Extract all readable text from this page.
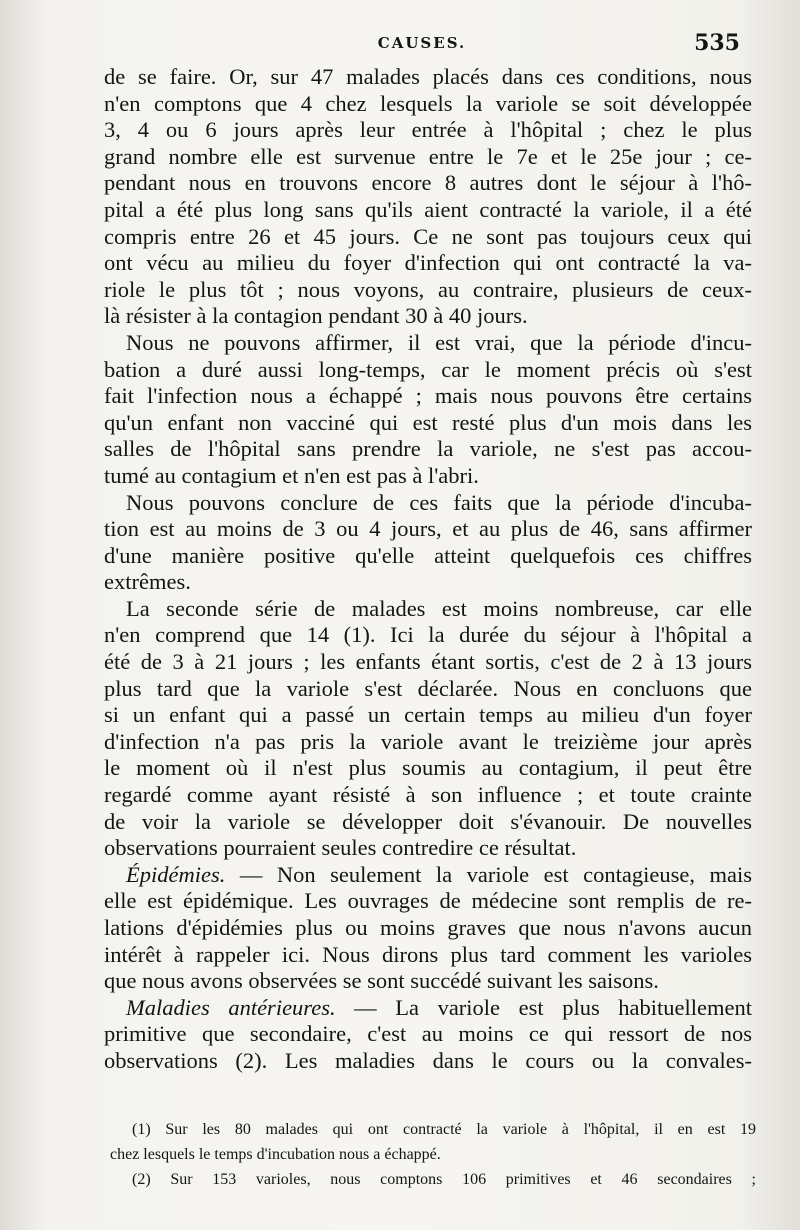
CAUSES.	535
de se faire. Or, sur 47 malades placés dans ces conditions, nous
n'en comptons que 4 chez lesquels la variole se soit développée
3, 4 ou 6 jours après leur entrée à l'hôpital ; chez le plus
grand nombre elle est survenue entre le 7e et le 25e jour ; ce-
pendant nous en trouvons encore 8 autres dont le séjour à l'hô-
pital a été plus long sans qu'ils aient contracté la variole, il a été
compris entre 26 et 45 jours. Ce ne sont pas toujours ceux qui
ont vécu au milieu du foyer d'infection qui ont contracté la va-
riole le plus tôt ; nous voyons, au contraire, plusieurs de ceux-
là résister à la contagion pendant 30 à 40 jours.
Nous ne pouvons affirmer, il est vrai, que la période d'incu-
bation a duré aussi long-temps, car le moment précis où s'est
fait l'infection nous a échappé ; mais nous pouvons être certains
qu'un enfant non vacciné qui est resté plus d'un mois dans les
salles de l'hôpital sans prendre la variole, ne s'est pas accou-
tumé au contagium et n'en est pas à l'abri.
Nous pouvons conclure de ces faits que la période d'incuba-
tion est au moins de 3 ou 4 jours, et au plus de 46, sans affirmer
d'une manière positive qu'elle atteint quelquefois ces chiffres
extrêmes.
La seconde série de malades est moins nombreuse, car elle
n'en comprend que 14 (1). Ici la durée du séjour à l'hôpital a
été de 3 à 21 jours ; les enfants étant sortis, c'est de 2 à 13 jours
plus tard que la variole s'est déclarée. Nous en concluons que
si un enfant qui a passé un certain temps au milieu d'un foyer
d'infection n'a pas pris la variole avant le treizième jour après
le moment où il n'est plus soumis au contagium, il peut être
regardé comme ayant résisté à son influence ; et toute crainte
de voir la variole se développer doit s'évanouir. De nouvelles
observations pourraient seules contredire ce résultat.
Épidémies. — Non seulement la variole est contagieuse, mais
elle est épidémique. Les ouvrages de médecine sont remplis de re-
lations d'épidémies plus ou moins graves que nous n'avons aucun
intérêt à rappeler ici. Nous dirons plus tard comment les varioles
que nous avons observées se sont succédé suivant les saisons.
Maladies antérieures. — La variole est plus habituellement
primitive que secondaire, c'est au moins ce qui ressort de nos
observations (2). Les maladies dans le cours ou la convales-
(1) Sur les 80 malades qui ont contracté la variole à l'hôpital, il en est 19
chez lesquels le temps d'incubation nous a échappé.
(2) Sur 153 varioles, nous comptons 106 primitives et 46 secondaires ;
